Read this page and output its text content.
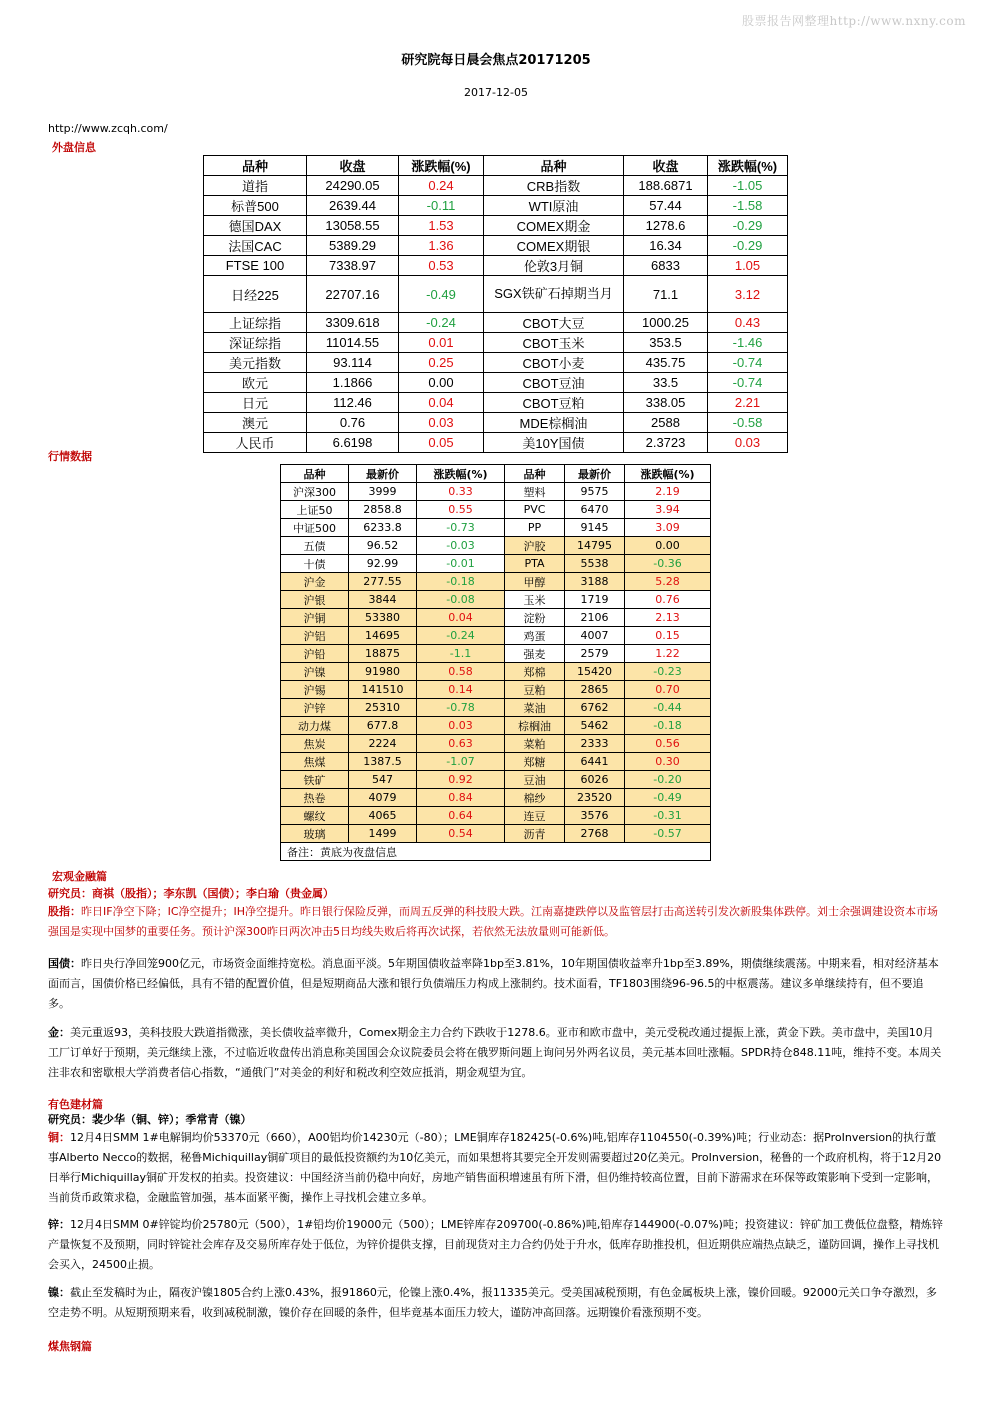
股票报告网整理http://www.nxny.com
研究院每日晨会焦点20171205
2017-12-05
http://www.zcqh.com/
外盘信息
品种	收盘	涨跌幅(%)	品种	收盘	涨跌幅(%)
道指	24290.05	0.24	CRB指数	188.6871	-1.05
标普500	2639.44	-0.11	WTI原油	57.44	-1.58
德国DAX	13058.55	1.53	COMEX期金	1278.6	-0.29
法国CAC	5389.29	1.36	COMEX期银	16.34	-0.29
FTSE 100	7338.97	0.53	伦敦3月铜	6833	1.05
日经225	22707.16	-0.49	SGX铁矿石掉期当月	71.1	3.12
上证综指	3309.618	-0.24	CBOT大豆	1000.25	0.43
深证综指	11014.55	0.01	CBOT玉米	353.5	-1.46
美元指数	93.114	0.25	CBOT小麦	435.75	-0.74
欧元	1.1866	0.00	CBOT豆油	33.5	-0.74
日元	112.46	0.04	CBOT豆粕	338.05	2.21
澳元	0.76	0.03	MDE棕榈油	2588	-0.58
人民币	6.6198	0.05	美10Y国债	2.3723	0.03
行情数据
品种	最新价	涨跌幅(%)	品种	最新价	涨跌幅(%)
沪深300	3999	0.33	塑料	9575	2.19
上证50	2858.8	0.55	PVC	6470	3.94
中证500	6233.8	-0.73	PP	9145	3.09
五债	96.52	-0.03	沪胶	14795	0.00
十债	92.99	-0.01	PTA	5538	-0.36
沪金	277.55	-0.18	甲醇	3188	5.28
沪银	3844	-0.08	玉米	1719	0.76
沪铜	53380	0.04	淀粉	2106	2.13
沪铝	14695	-0.24	鸡蛋	4007	0.15
沪铅	18875	-1.1	强麦	2579	1.22
沪镍	91980	0.58	郑棉	15420	-0.23
沪锡	141510	0.14	豆粕	2865	0.70
沪锌	25310	-0.78	菜油	6762	-0.44
动力煤	677.8	0.03	棕榈油	5462	-0.18
焦炭	2224	0.63	菜粕	2333	0.56
焦煤	1387.5	-1.07	郑糖	6441	0.30
铁矿	547	0.92	豆油	6026	-0.20
热卷	4079	0.84	棉纱	23520	-0.49
螺纹	4065	0.64	连豆	3576	-0.31
玻璃	1499	0.54	沥青	2768	-0.57
备注：黄底为夜盘信息					
宏观金融篇
研究员：商祺（股指）；李东凯（国债）；李白瑜（贵金属）
股指：昨日IF净空下降；IC净空提升；IH净空提升。昨日银行保险反弹，而周五反弹的科技股大跌。江南嘉捷跌停以及监管层打击高送转引发次新股集体跌停。刘士余强调建设资本市场强国是实现中国梦的重要任务。预计沪深300昨日两次冲击5日均线失败后将再次试探，若依然无法放量则可能新低。
国债：昨日央行净回笼900亿元，市场资金面维持宽松。消息面平淡。5年期国债收益率降1bp至3.81%，10年期国债收益率升1bp至3.89%，期债继续震荡。中期来看，相对经济基本面而言，国债价格已经偏低，具有不错的配置价值，但是短期商品大涨和银行负债端压力构成上涨制约。技术面看，TF1803围绕96-96.5的中枢震荡。建议多单继续持有，但不要追多。
金：美元重返93，美科技股大跌道指微涨，美长债收益率微升，Comex期金主力合约下跌收于1278.6。亚市和欧市盘中，美元受税改通过提振上涨，黄金下跌。美市盘中，美国10月工厂订单好于预期，美元继续上涨，不过临近收盘传出消息称美国国会众议院委员会将在俄罗斯问题上询问另外两名议员，美元基本回吐涨幅。SPDR持仓848.11吨，维持不变。本周关注非农和密歇根大学消费者信心指数，“通俄门”对美金的利好和税改利空效应抵消，期金观望为宜。
有色建材篇
研究员：裴少华（铜、锌）；季常青（镍）
铜：12月4日SMM 1#电解铜均价53370元（660），A00铝均价14230元（-80）；LME铜库存182425(-0.6%)吨,铝库存1104550(-0.39%)吨；行业动态：据ProInversion的执行董事Alberto Necco的数据，秘鲁Michiquillay铜矿项目的最低投资额约为10亿美元，而如果想将其要完全开发则需要超过20亿美元。ProInversion，秘鲁的一个政府机构，将于12月20日举行Michiquillay铜矿开发权的拍卖。投资建议：中国经济当前仍稳中向好，房地产销售面积增速虽有所下滑，但仍维持较高位置，目前下游需求在环保等政策影响下受到一定影响，当前货币政策求稳，金融监管加强，基本面紧平衡，操作上寻找机会建立多单。
锌：12月4日SMM 0#锌锭均价25780元（500），1#铅均价19000元（500）；LME锌库存209700(-0.86%)吨,铅库存144900(-0.07%)吨；投资建议：锌矿加工费低位盘整，精炼锌产量恢复不及预期，同时锌锭社会库存及交易所库存处于低位，为锌价提供支撑，目前现货对主力合约仍处于升水，低库存助推投机，但近期供应端热点缺乏，谨防回调，操作上寻找机会买入，24500止损。
镍：截止至发稿时为止，隔夜沪镍1805合约上涨0.43%，报91860元，伦镍上涨0.4%，报11335美元。受美国减税预期，有色金属板块上涨，镍价回暖。92000元关口争夺激烈，多空走势不明。从短期预期来看，收到减税制激，镍价存在回暖的条件，但毕竟基本面压力较大，谨防冲高回落。远期镍价看涨预期不变。
煤焦钢篇
